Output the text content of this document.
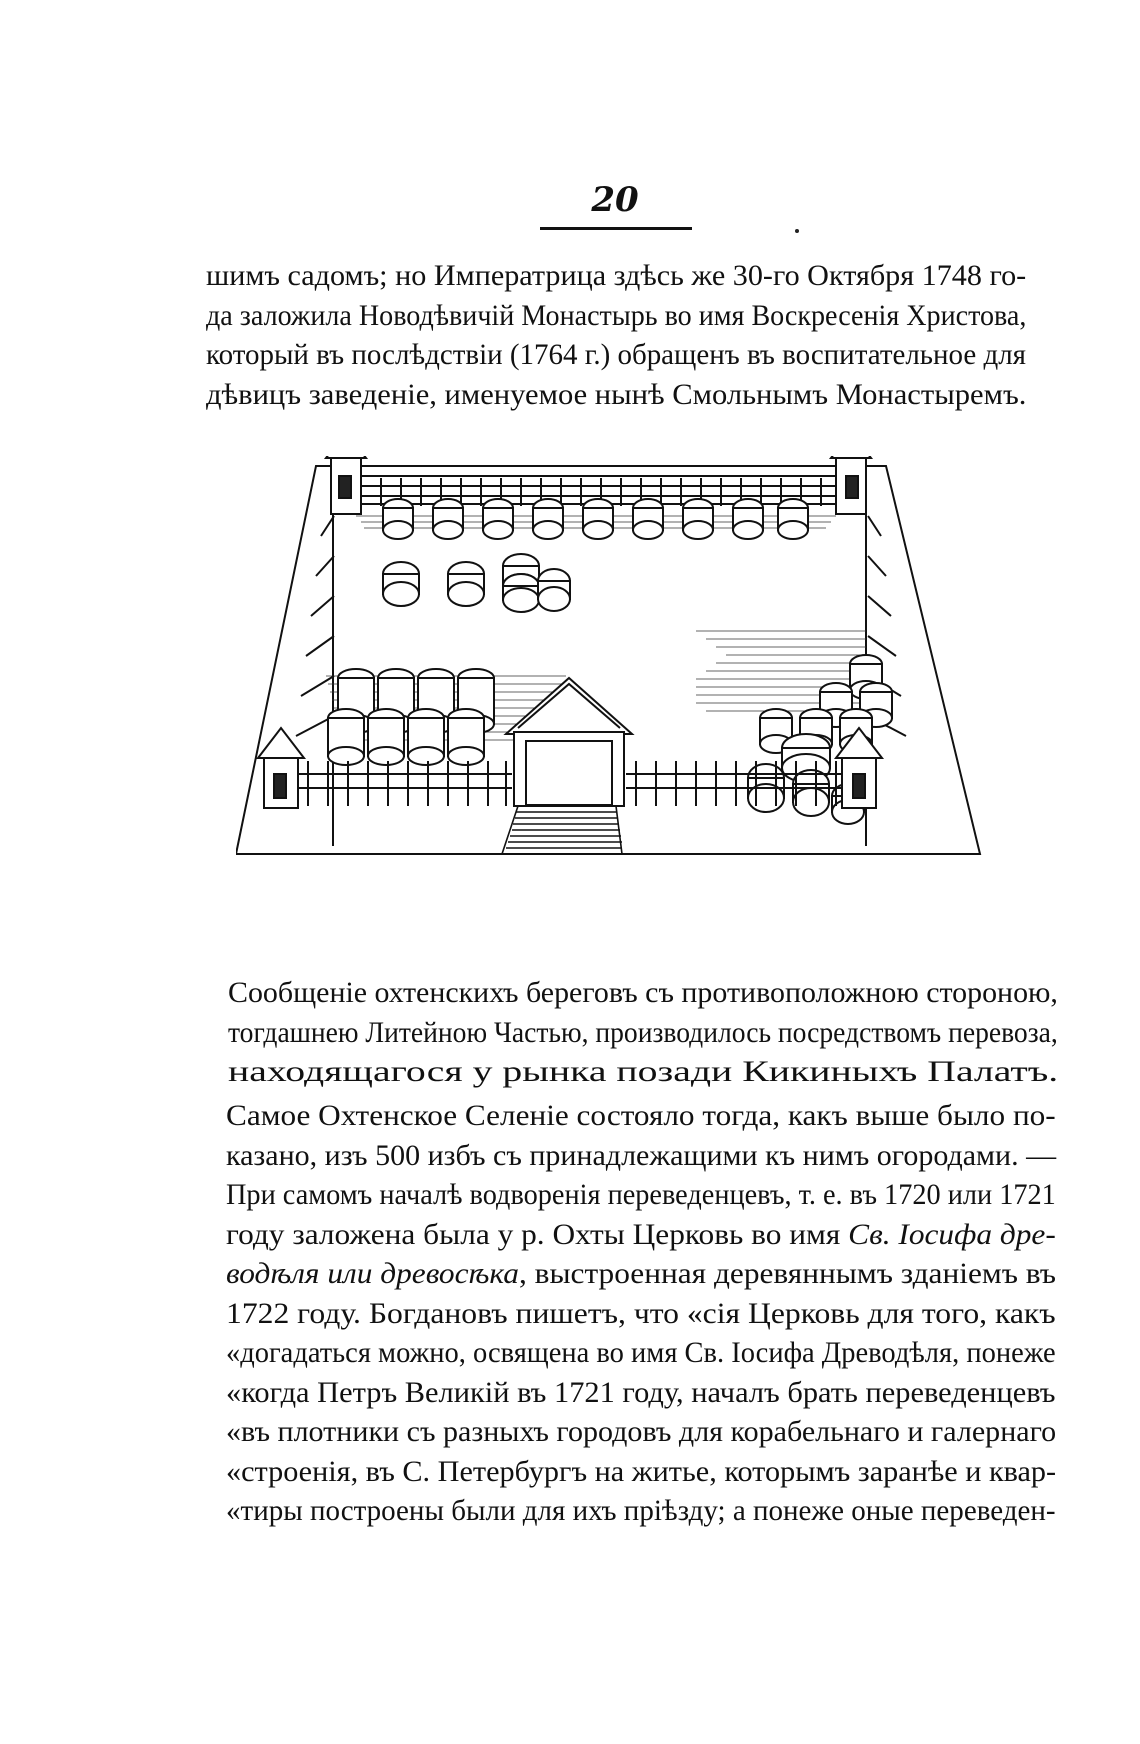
20
шимъ садомъ; но Императрица здѣсь же 30-го Октября 1748 го-
да заложила Новодѣвичій Монастырь во имя Воскресенія Христова,
который въ послѣдствіи (1764 г.) обращенъ въ воспитательное для
дѣвицъ заведеніе, именуемое нынѣ Смольнымъ Монастыремъ.
Сообщеніе охтенскихъ береговъ съ противоположною стороною,
тогдашнею Литейною Частью, производилось посредствомъ перевоза,
находящагося у рынка позади Кикиныхъ Палатъ.
Самое Охтенское Селеніе состояло тогда, какъ выше было по-
казано, изъ 500 избъ съ принадлежащими къ нимъ огородами. —
При самомъ началѣ водворенія переведенцевъ, т. е. въ 1720 или 1721
году заложена была у р. Охты Церковь во имя Св. Іосифа дре-
водѣля или древосѣка, выстроенная деревяннымъ зданіемъ въ
1722 году. Богдановъ пишетъ, что «сія Церковь для того, какъ
«догадаться можно, освящена во имя Св. Іосифа Древодѣля, понеже
«когда Петръ Великій въ 1721 году, началъ брать переведенцевъ
«въ плотники съ разныхъ городовъ для корабельнаго и галернаго
«строенія, въ С. Петербургъ на житье, которымъ заранѣе и квар-
«тиры построены были для ихъ пріѣзду; а понеже оные переведен-
